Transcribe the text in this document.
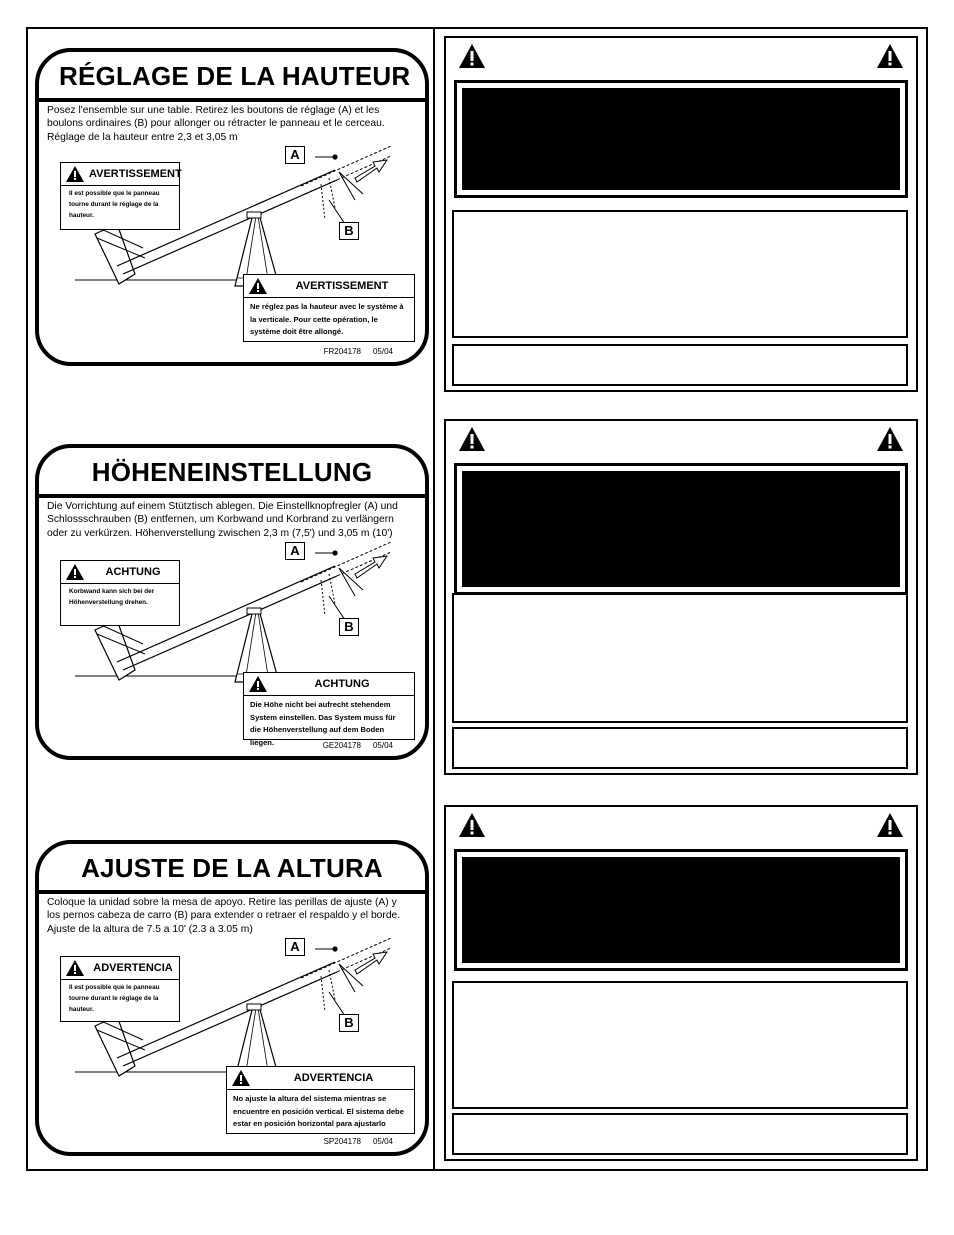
RÉGLAGE DE LA HAUTEUR
Posez l'ensemble sur une table. Retirez les boutons de réglage (A) et les boulons ordinaires (B) pour allonger ou rétracter le panneau et le cerceau. Réglage de la hauteur entre 2,3 et 3,05 m
A
B
AVERTISSEMENT
Il est possible que le panneau tourne durant le réglage de la hauteur.
AVERTISSEMENT
Ne réglez pas la hauteur avec le système à la verticale. Pour cette opération, le système doit être allongé.
FR204178 05/04
HÖHENEINSTELLUNG
Die Vorrichtung auf einem Stütztisch ablegen. Die Einstellknopfregler (A) und Schlossschrauben (B) entfernen, um Korbwand und Korbrand zu verlängern oder zu verkürzen. Höhenverstellung zwischen 2,3 m (7,5') und 3,05 m (10')
A
B
ACHTUNG
Korbwand kann sich bei der Höhenverstellung drehen.
ACHTUNG
Die Höhe nicht bei aufrecht stehendem System einstellen. Das System muss für die Höhenverstellung auf dem Boden liegen.	GE204178 05/04
AJUSTE DE LA ALTURA
Coloque la unidad sobre la mesa de apoyo. Retire las perillas de ajuste (A) y los pernos cabeza de carro (B) para extender o retraer el respaldo y el borde. Ajuste de la altura de 7.5 a 10' (2.3 a 3.05 m)
A
B
ADVERTENCIA
Il est possible que le panneau tourne durant le réglage de la hauteur.
ADVERTENCIA
No ajuste la altura del sistema mientras se encuentre en posición vertical. El sistema debe estar en posición horizontal para ajustarlo
SP204178 05/04
